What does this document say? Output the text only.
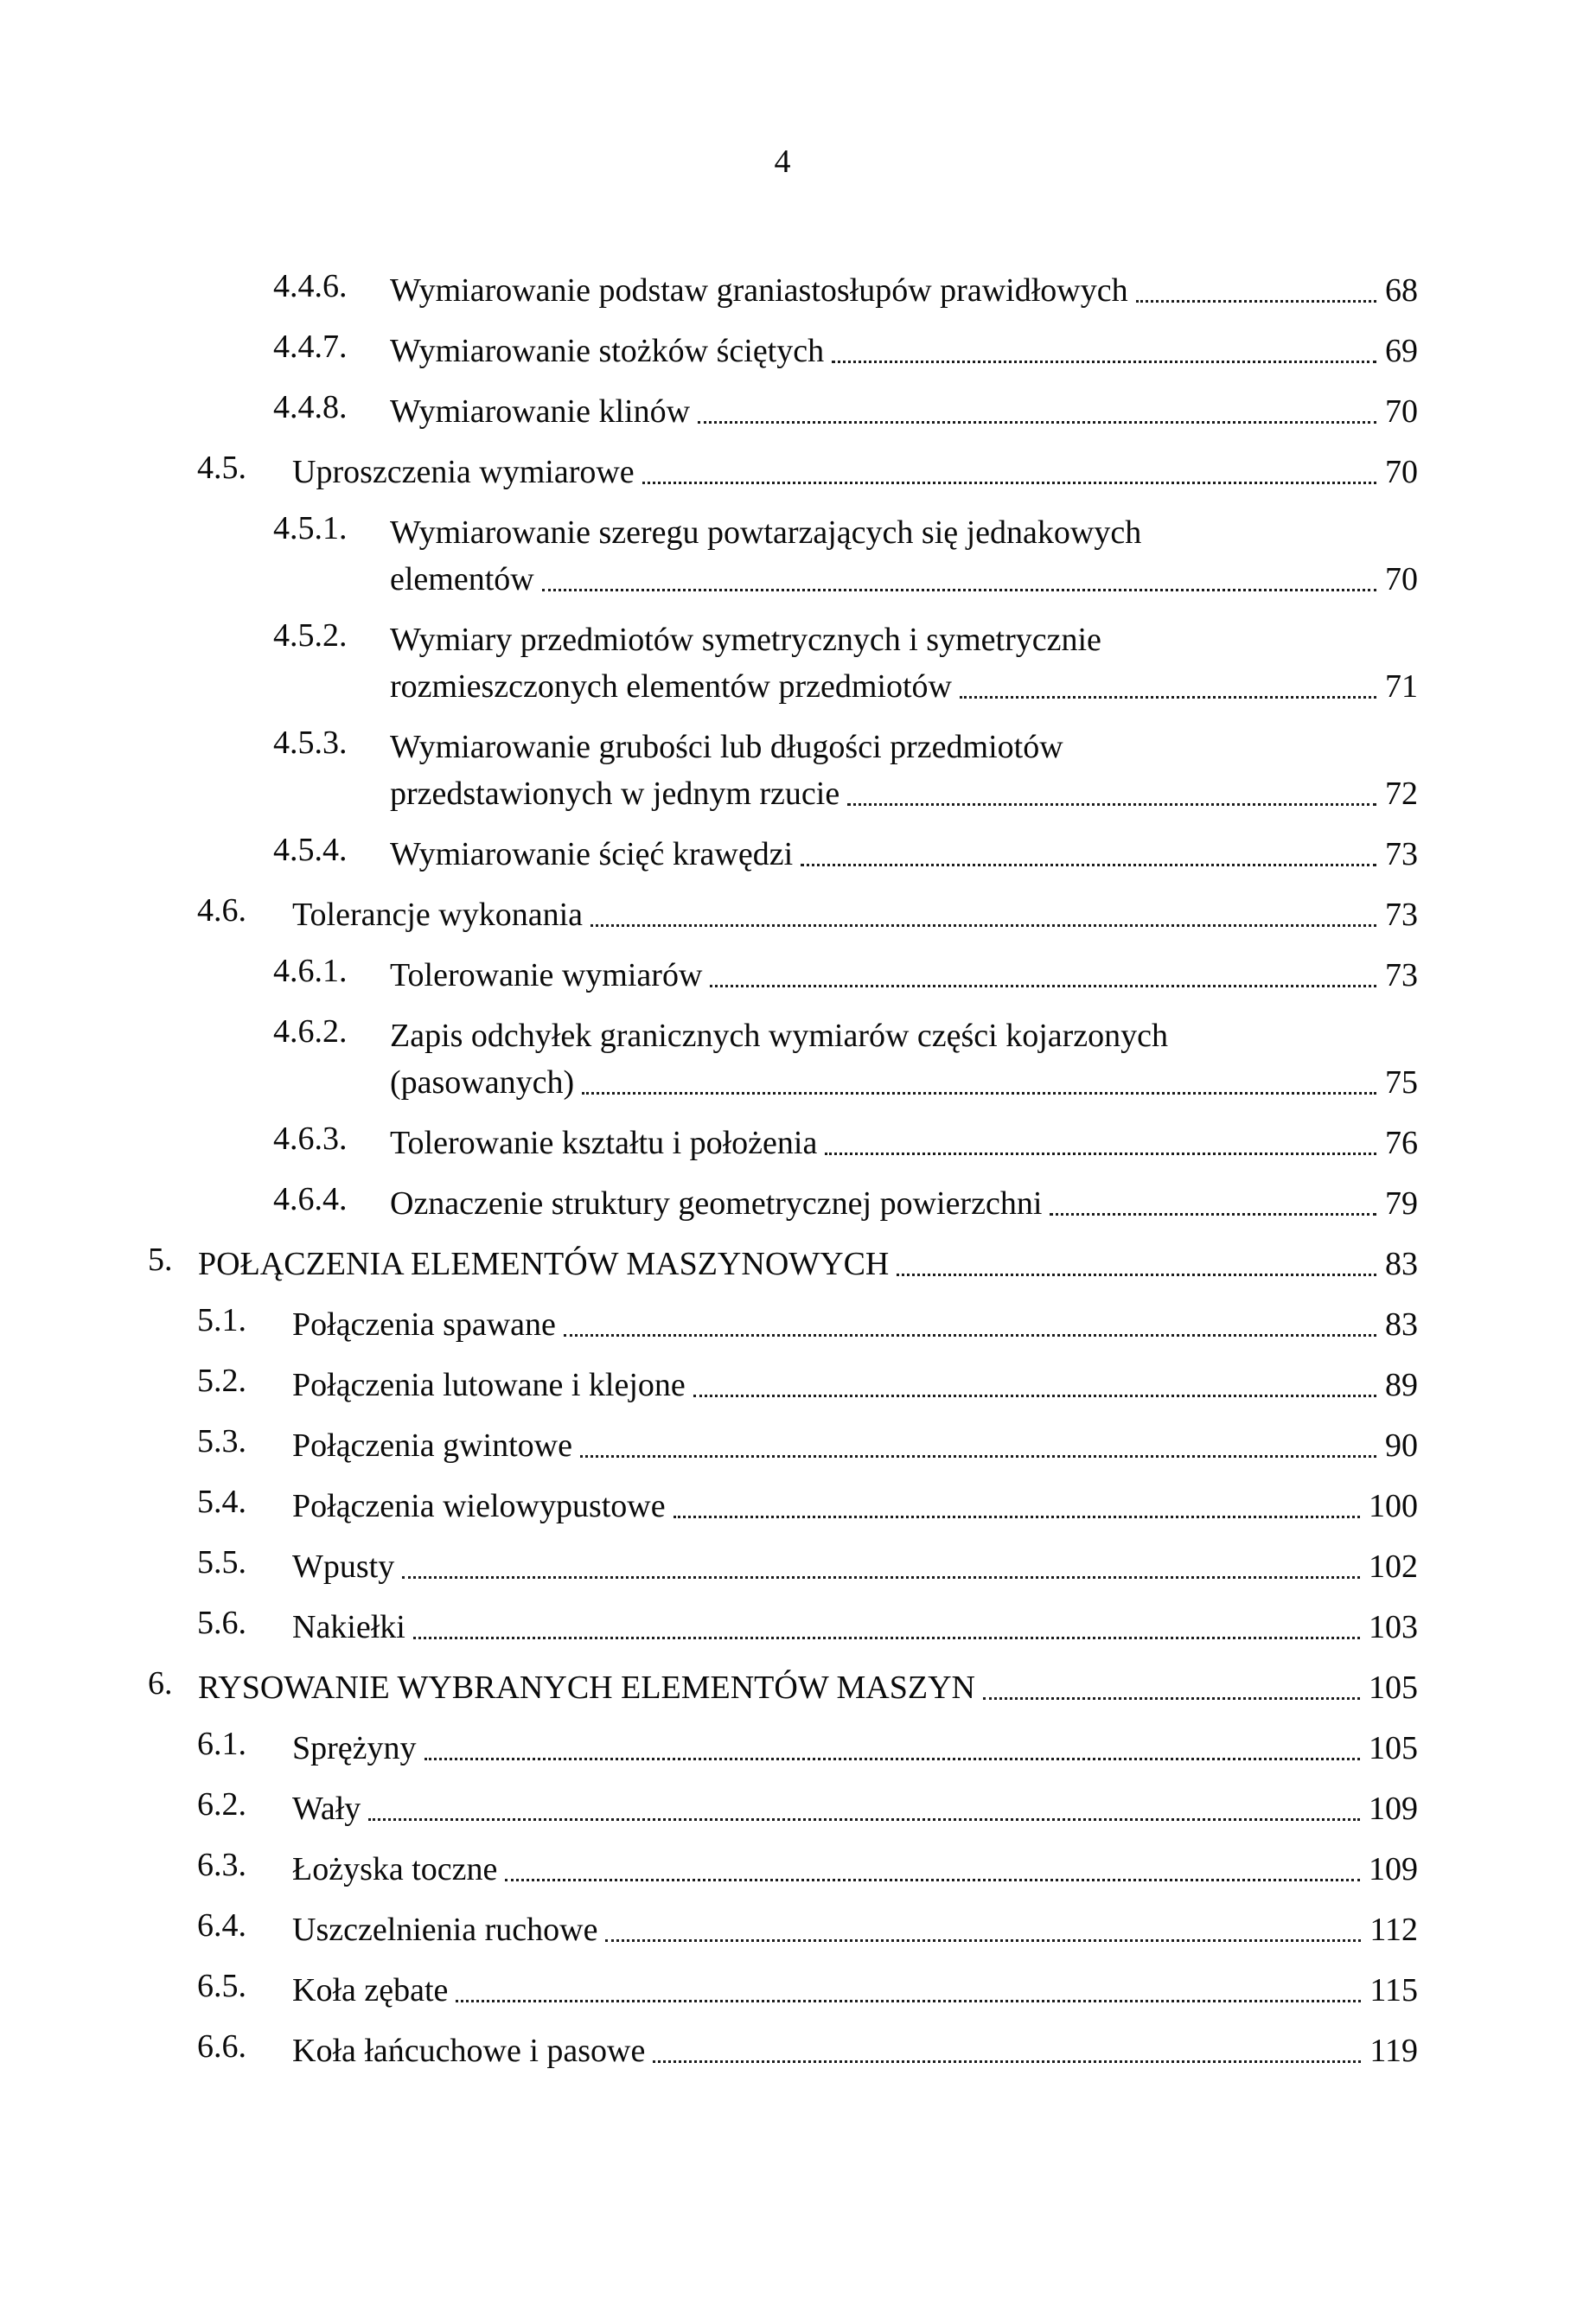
4
4.4.6.	Wymiarowanie podstaw graniastosłupów prawidłowych	68
4.4.7.	Wymiarowanie stożków ściętych	69
4.4.8.	Wymiarowanie klinów	70
4.5.	Uproszczenia wymiarowe	70
4.5.1.	Wymiarowanie szeregu powtarzających się jednakowych
elementów	70
4.5.2.	Wymiary przedmiotów symetrycznych i symetrycznie
rozmieszczonych elementów przedmiotów	71
4.5.3.	Wymiarowanie grubości lub długości przedmiotów
przedstawionych w jednym rzucie	72
4.5.4.	Wymiarowanie ścięć krawędzi	73
4.6.	Tolerancje wykonania	73
4.6.1.	Tolerowanie wymiarów	73
4.6.2.	Zapis odchyłek granicznych wymiarów części kojarzonych
(pasowanych)	75
4.6.3.	Tolerowanie kształtu i położenia	76
4.6.4.	Oznaczenie struktury geometrycznej powierzchni	79
5. POŁĄCZENIA ELEMENTÓW MASZYNOWYCH	83
5.1.	Połączenia spawane	83
5.2.	Połączenia lutowane i klejone	89
5.3.	Połączenia gwintowe	90
5.4.	Połączenia wielowypustowe	100
5.5.	Wpusty	102
5.6.	Nakiełki	103
6. RYSOWANIE WYBRANYCH ELEMENTÓW MASZYN	105
6.1.	Sprężyny	105
6.2.	Wały	109
6.3.	Łożyska toczne	109
6.4.	Uszczelnienia ruchowe	112
6.5.	Koła zębate	115
6.6.	Koła łańcuchowe i pasowe	119
